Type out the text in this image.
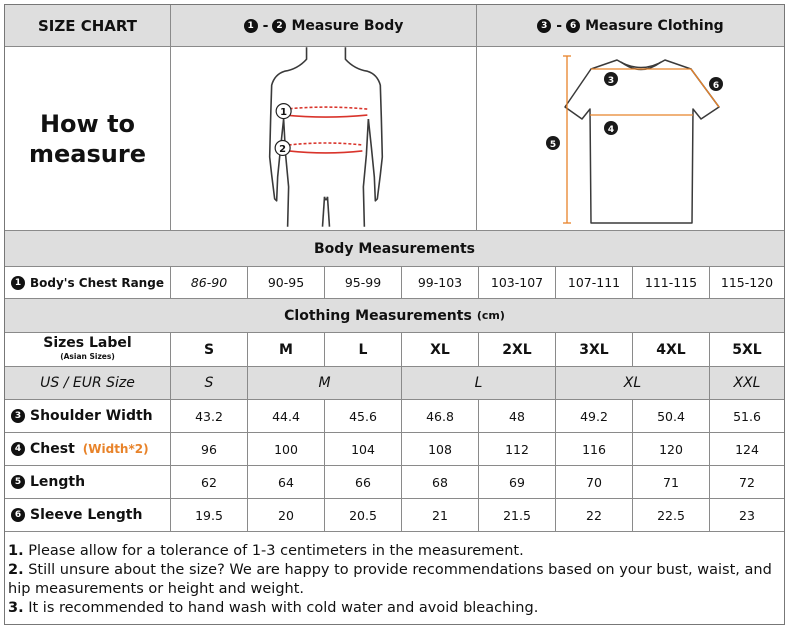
SIZE CHART	1 - 2 Measure Body	3 - 6 Measure Clothing
How to
measure
1
2
3	6
4
5
Body Measurements
1 Body's Chest Range 86-90	90-95	95-99	99-103 103-107 107-111 111-115 115-120
Clothing Measurements (cm)
Sizes Label
(Asian Sizes)	S	M	L	XL	2XL	3XL	4XL	5XL
US / EUR Size	S	M	L	XL	XXL
3 Shoulder Width	43.2	44.4	45.6	46.8	48	49.2	50.4	51.6
4 Chest (Width*2)	96	100	104	108	112	116	120	124
5 Length	62	64	66	68	69	70	71	72
6 Sleeve Length	19.5	20	20.5	21	21.5	22	22.5	23

1. Please allow for a tolerance of 1-3 centimeters in the measurement.

2. Still unsure about the size? We are happy to provide recommendations based on your bust, waist, and hip measurements or height and weight.

3. It is recommended to hand wash with cold water and avoid bleaching.
